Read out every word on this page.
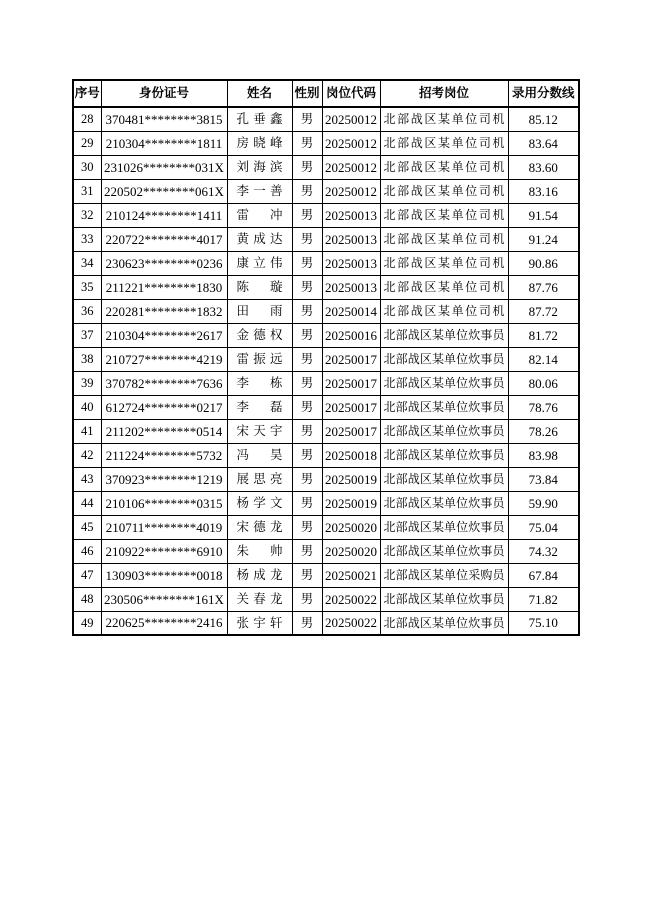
序号	身份证号	姓名	性别	岗位代码	招考岗位	录用分数线
28	370481********3815	孔垂鑫	男	20250012	北部战区某单位司机	85.12
29	210304********1811	房晓峰	男	20250012	北部战区某单位司机	83.64
30	231026********031X	刘海滨	男	20250012	北部战区某单位司机	83.60
31	220502********061X	李一善	男	20250012	北部战区某单位司机	83.16
32	210124********1411	雷　冲	男	20250013	北部战区某单位司机	91.54
33	220722********4017	黄成达	男	20250013	北部战区某单位司机	91.24
34	230623********0236	康立伟	男	20250013	北部战区某单位司机	90.86
35	211221********1830	陈　璇	男	20250013	北部战区某单位司机	87.76
36	220281********1832	田　雨	男	20250014	北部战区某单位司机	87.72
37	210304********2617	金德权	男	20250016	北部战区某单位炊事员	81.72
38	210727********4219	雷振远	男	20250017	北部战区某单位炊事员	82.14
39	370782********7636	李　栋	男	20250017	北部战区某单位炊事员	80.06
40	612724********0217	李　磊	男	20250017	北部战区某单位炊事员	78.76
41	211202********0514	宋天宇	男	20250017	北部战区某单位炊事员	78.26
42	211224********5732	冯　昊	男	20250018	北部战区某单位炊事员	83.98
43	370923********1219	展思亮	男	20250019	北部战区某单位炊事员	73.84
44	210106********0315	杨学文	男	20250019	北部战区某单位炊事员	59.90
45	210711********4019	宋德龙	男	20250020	北部战区某单位炊事员	75.04
46	210922********6910	朱　帅	男	20250020	北部战区某单位炊事员	74.32
47	130903********0018	杨成龙	男	20250021	北部战区某单位采购员	67.84
48	230506********161X	关春龙	男	20250022	北部战区某单位炊事员	71.82
49	220625********2416	张宇轩	男	20250022	北部战区某单位炊事员	75.10
